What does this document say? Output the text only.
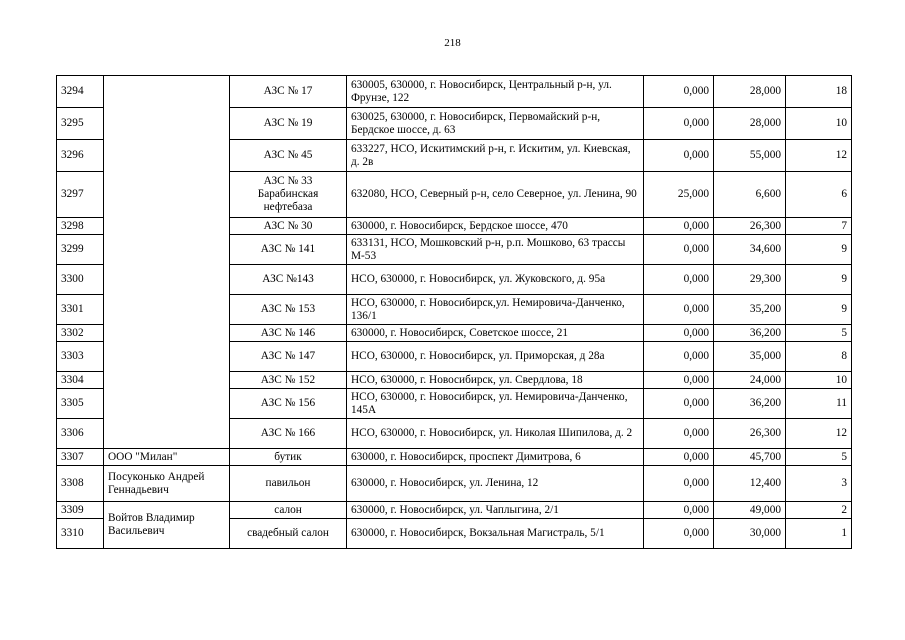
218
3294		АЗС № 17	630005, 630000, г. Новосибирск, Центральный р-н, ул. Фрунзе, 122	0,000	28,000	18
3295		АЗС № 19	630025, 630000, г. Новосибирск, Первомайский р-н, Бердское шоссе, д. 63	0,000	28,000	10
3296		АЗС № 45	633227, НСО, Искитимский р-н, г. Искитим, ул. Киевская, д. 2в	0,000	55,000	12
3297		АЗС № 33 Барабинская нефтебаза	632080, НСО, Северный р-н, село Северное, ул. Ленина, 90	25,000	6,600	6
3298		АЗС № 30	630000, г. Новосибирск, Бердское шоссе, 470	0,000	26,300	7
3299		АЗС № 141	633131, НСО, Мошковский р-н, р.п. Мошково, 63 трассы М-53	0,000	34,600	9
3300		АЗС №143	НСО, 630000, г. Новосибирск, ул. Жуковского, д. 95а	0,000	29,300	9
3301		АЗС № 153	НСО, 630000, г. Новосибирск,ул. Немировича-Данченко, 136/1	0,000	35,200	9
3302		АЗС № 146	630000, г. Новосибирск, Советское шоссе, 21	0,000	36,200	5
3303		АЗС № 147	НСО, 630000, г. Новосибирск, ул. Приморская, д 28а	0,000	35,000	8
3304		АЗС № 152	НСО, 630000, г. Новосибирск, ул. Свердлова, 18	0,000	24,000	10
3305		АЗС № 156	НСО, 630000, г. Новосибирск, ул. Немировича-Данченко, 145А	0,000	36,200	11
3306		АЗС № 166	НСО, 630000, г. Новосибирск, ул. Николая Шипилова, д. 2	0,000	26,300	12
3307	ООО "Милан"	бутик	630000, г. Новосибирск, проспект Димитрова, 6	0,000	45,700	5
3308	Посуконько Андрей Геннадьевич	павильон	630000, г. Новосибирск, ул. Ленина, 12	0,000	12,400	3
3309	Войтов Владимир Васильевич	салон	630000, г. Новосибирск, ул. Чаплыгина, 2/1	0,000	49,000	2
3310		свадебный салон	630000, г. Новосибирск, Вокзальная Магистраль, 5/1	0,000	30,000	1
